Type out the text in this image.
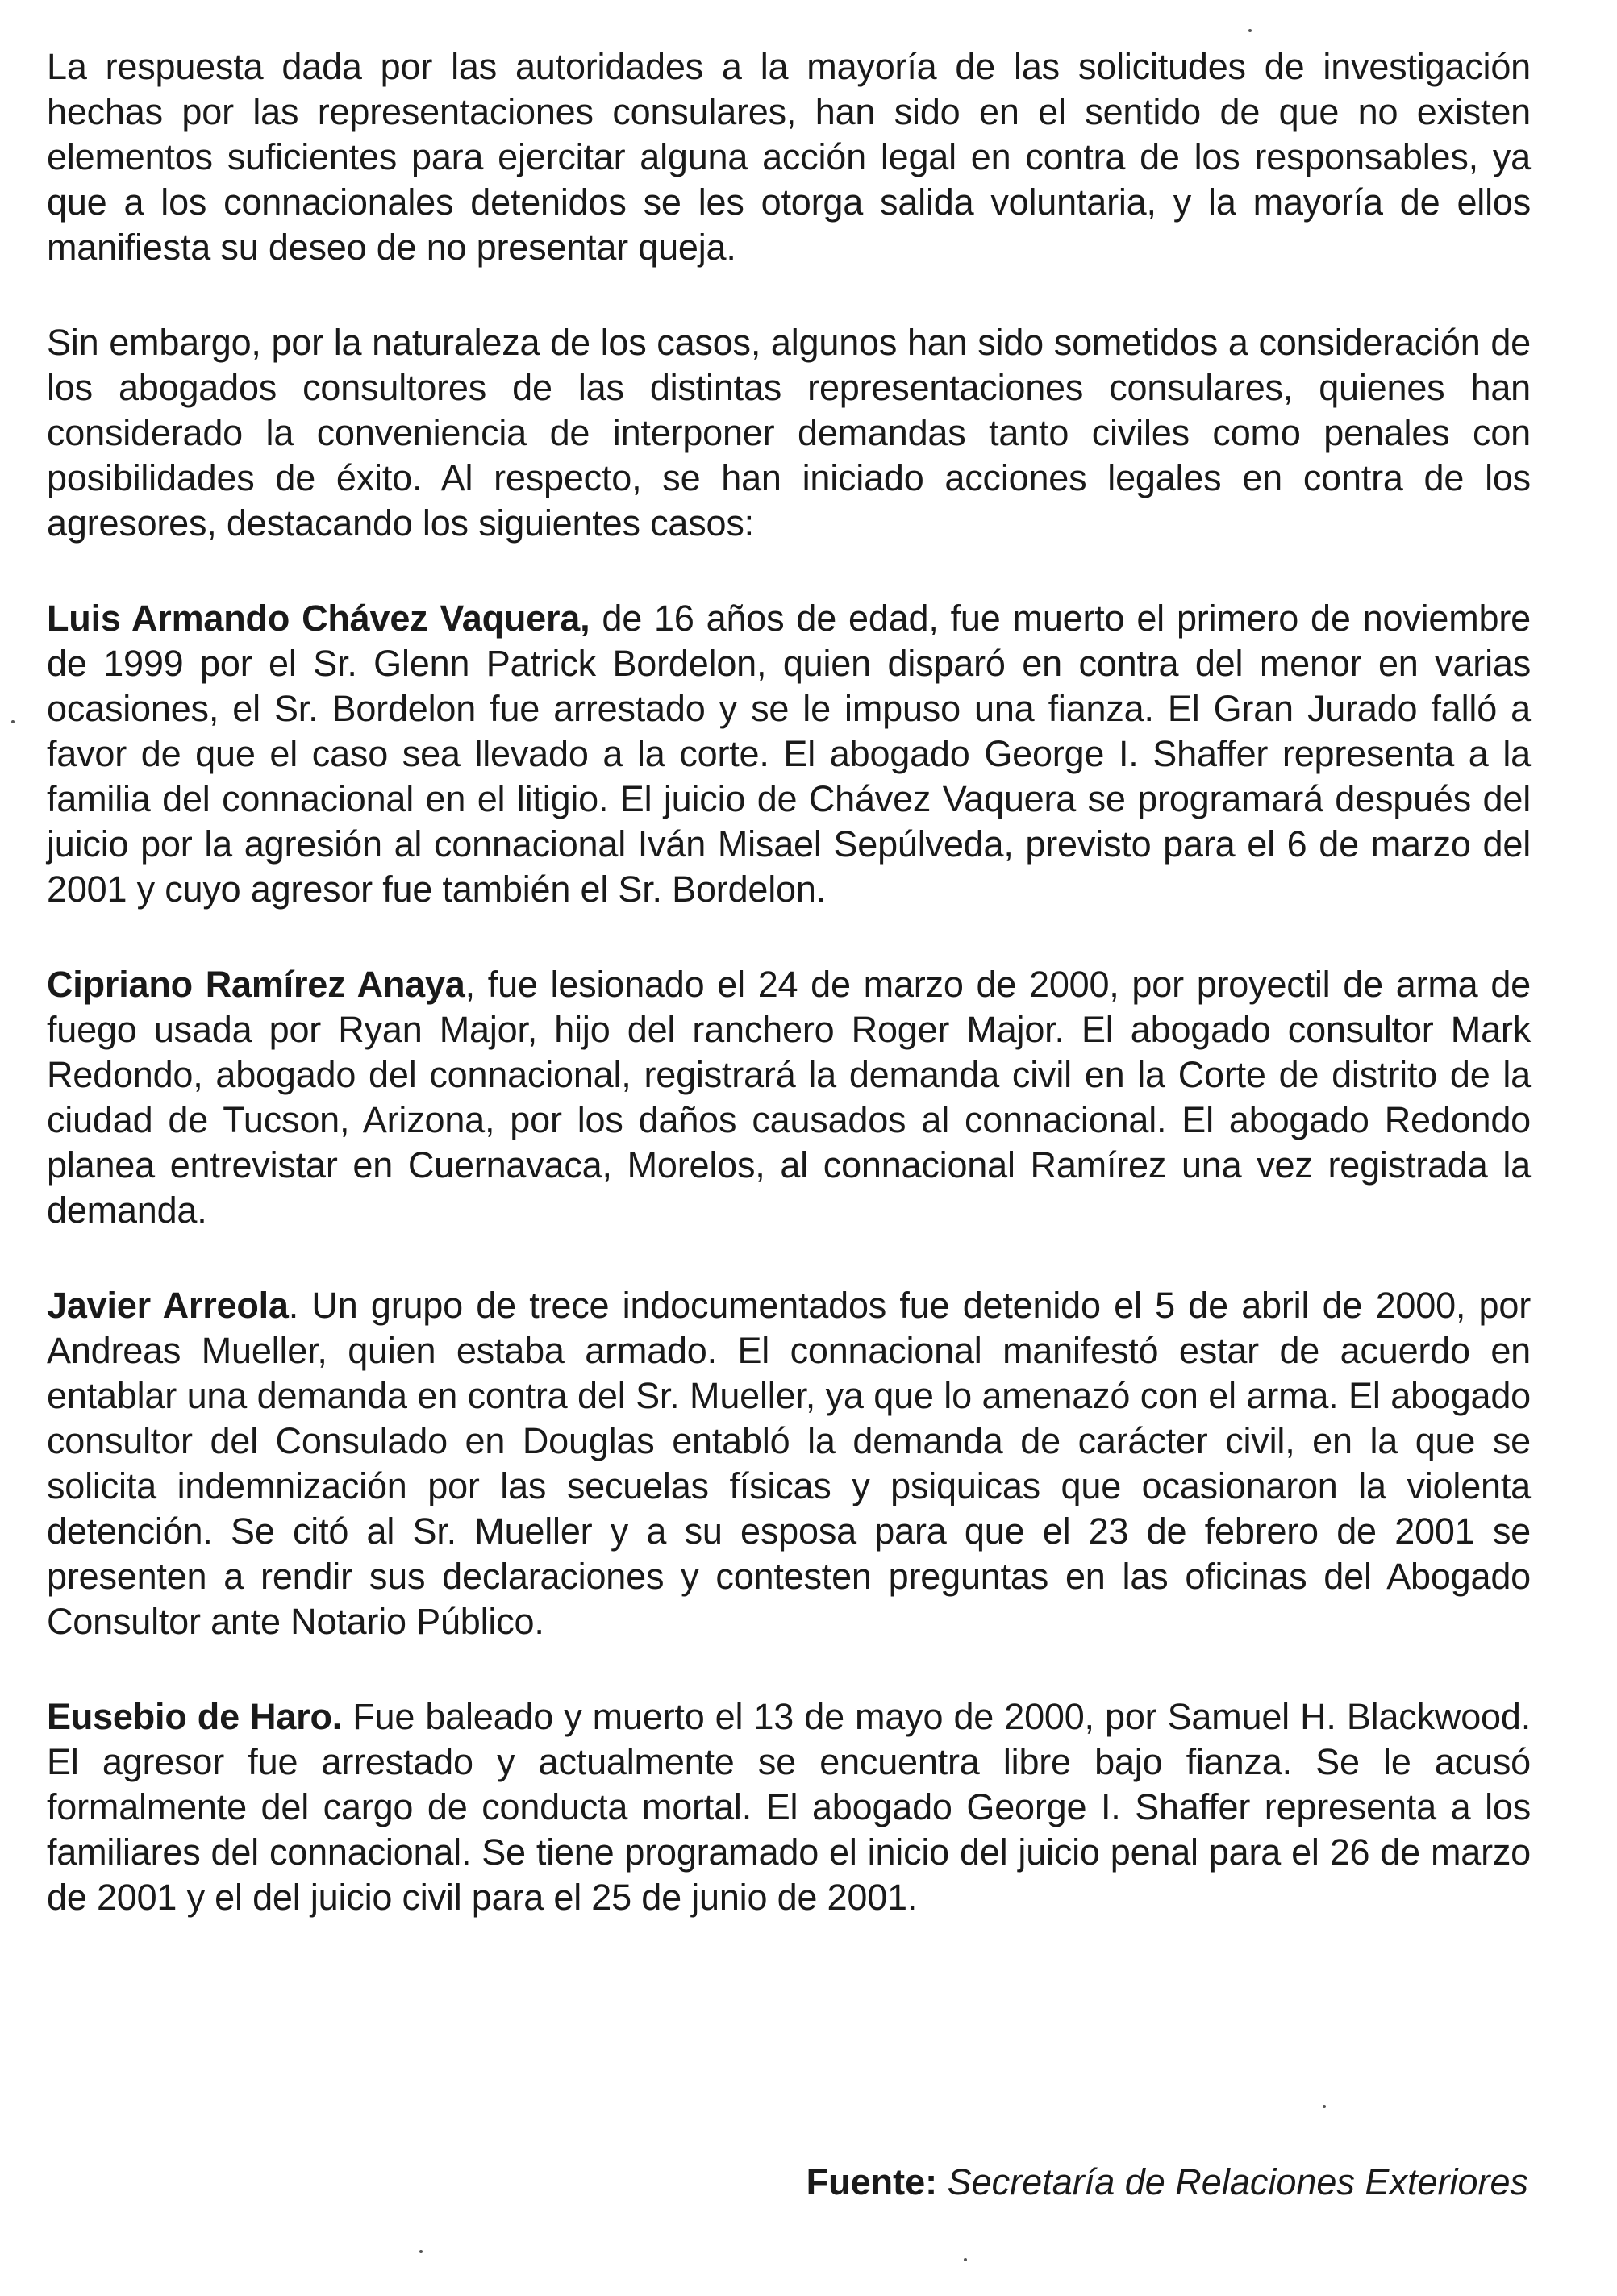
La respuesta dada por las autoridades a la mayoría de las solicitudes de investigación hechas por las representaciones consulares, han sido en el sentido de que no existen elementos suficientes para ejercitar alguna acción legal en contra de los responsables, ya que a los connacionales detenidos se les otorga salida voluntaria, y la mayoría de ellos manifiesta su deseo de no presentar queja.

Sin embargo, por la naturaleza de los casos, algunos han sido sometidos a consideración de los abogados consultores de las distintas representaciones consulares, quienes han considerado la conveniencia de interponer demandas tanto civiles como penales con posibilidades de éxito. Al respecto, se han iniciado acciones legales en contra de los agresores, destacando los siguientes casos:

Luis Armando Chávez Vaquera, de 16 años de edad, fue muerto el primero de noviembre de 1999 por el Sr. Glenn Patrick Bordelon, quien disparó en contra del menor en varias ocasiones, el Sr. Bordelon fue arrestado y se le impuso una fianza. El Gran Jurado falló a favor de que el caso sea llevado a la corte. El abogado George I. Shaffer representa a la familia del connacional en el litigio. El juicio de Chávez Vaquera se programará después del juicio por la agresión al connacional Iván Misael Sepúlveda, previsto para el 6 de marzo del 2001 y cuyo agresor fue también el Sr. Bordelon.

Cipriano Ramírez Anaya, fue lesionado el 24 de marzo de 2000, por proyectil de arma de fuego usada por Ryan Major, hijo del ranchero Roger Major. El abogado consultor Mark Redondo, abogado del connacional, registrará la demanda civil en la Corte de distrito de la ciudad de Tucson, Arizona, por los daños causados al connacional. El abogado Redondo planea entrevistar en Cuernavaca, Morelos, al connacional Ramírez una vez registrada la demanda.

Javier Arreola. Un grupo de trece indocumentados fue detenido el 5 de abril de 2000, por Andreas Mueller, quien estaba armado. El connacional manifestó estar de acuerdo en entablar una demanda en contra del Sr. Mueller, ya que lo amenazó con el arma. El abogado consultor del Consulado en Douglas entabló la demanda de carácter civil, en la que se solicita indemnización por las secuelas físicas y psiquicas que ocasionaron la violenta detención. Se citó al Sr. Mueller y a su esposa para que el 23 de febrero de 2001 se presenten a rendir sus declaraciones y contesten preguntas en las oficinas del Abogado Consultor ante Notario Público.

Eusebio de Haro. Fue baleado y muerto el 13 de mayo de 2000, por Samuel H. Blackwood. El agresor fue arrestado y actualmente se encuentra libre bajo fianza. Se le acusó formalmente del cargo de conducta mortal. El abogado George I. Shaffer representa a los familiares del connacional. Se tiene programado el inicio del juicio penal para el 26 de marzo de 2001 y el del juicio civil para el 25 de junio de 2001.

Fuente: Secretaría de Relaciones Exteriores
